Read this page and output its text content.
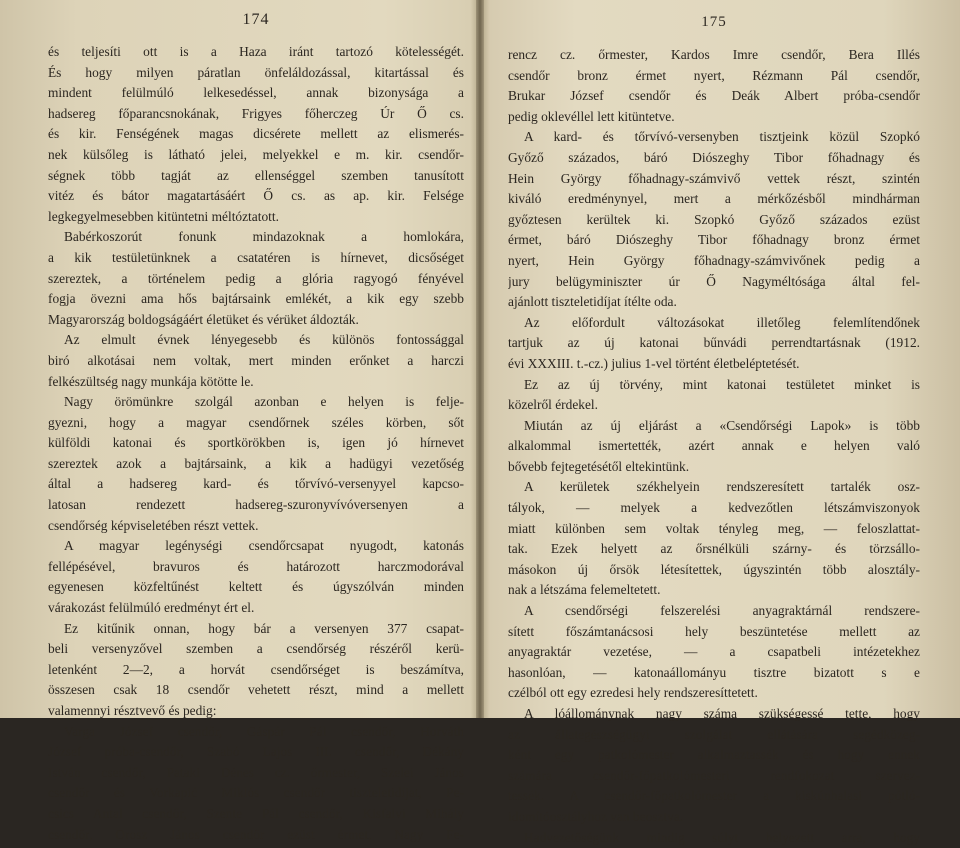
174
és teljesíti ott is a Haza iránt tartozó kötelességét.
És hogy milyen páratlan önfeláldozással, kitartással és
mindent felülmúló lelkesedéssel, annak bizonysága a
hadsereg főparancsnokának, Frigyes főherczeg Úr Ő cs.
és kir. Fenségének magas dicsérete mellett az elismerés-
nek külsőleg is látható jelei, melyekkel e m. kir. csendőr-
ségnek több tagját az ellenséggel szemben tanusított
vitéz és bátor magatartásáért Ő cs. as ap. kir. Felsége
legkegyelmesebben kitüntetni méltóztatott.
Babérkoszorút fonunk mindazoknak a homlokára,
a kik testületünknek a csatatéren is hírnevet, dicsőséget
szereztek, a történelem pedig a glória ragyogó fényével
fogja övezni ama hős bajtársaink emlékét, a kik egy szebb
Magyarország boldogságáért életüket és vérüket áldozták.
Az elmult évnek lényegesebb és különös fontossággal
biró alkotásai nem voltak, mert minden erőnket a harczi
felkészültség nagy munkája kötötte le.
Nagy örömünkre szolgál azonban e helyen is felje-
gyezni, hogy a magyar csendőrnek széles körben, sőt
külföldi katonai és sportkörökben is, igen jó hírnevet
szereztek azok a bajtársaink, a kik a hadügyi vezetőség
által a hadsereg kard- és tőrvívó-versenyyel kapcso-
latosan rendezett hadsereg-szuronyvívóversenyen a
csendőrség képviseletében részt vettek.
A magyar legénységi csendőrcsapat nyugodt, katonás
fellépésével, bravuros és határozott harczmodorával
egyenesen közfeltűnést keltett és úgyszólván minden
várakozást felülmúló eredményt ért el.
Ez kitűnik onnan, hogy bár a versenyen 377 csapat-
beli versenyzővel szemben a csendőrség részéről kerü-
letenként 2—2, a horvát csendőrséget is beszámítva,
összesen csak 18 csendőr vehetett részt, mind a mellett
valamennyi résztvevő és pedig:
Varga József csendőr, Gáspár Pál csendőr, Horváth
József próba-csendőr, Szabó Lajos III. csendőr, Dékány
István csendőr, Pataki Dénes cz. őrmester, Szelei János
csendőr és Vorkapić Miklós csendőr tiszteletidíjat, Pe-
csics Antal csendőr, Szente Pál csendőr, Kisfalvi Mihály
csendőr, Orosz János csendőr ezüst érmet, Nagy Fe-
175
rencz cz. őrmester, Kardos Imre csendőr, Bera Illés
csendőr bronz érmet nyert, Rézmann Pál csendőr,
Brukar József csendőr és Deák Albert próba-csendőr
pedig oklevéllel lett kitüntetve.
A kard- és tőrvívó-versenyben tisztjeink közül Szopkó
Győző százados, báró Diószeghy Tibor főhadnagy és
Hein György főhadnagy-számvivő vettek részt, szintén
kiváló eredménynyel, mert a mérkőzésből mindhárman
győztesen kerültek ki. Szopkó Győző százados ezüst
érmet, báró Diószeghy Tibor főhadnagy bronz érmet
nyert, Hein György főhadnagy-számvivőnek pedig a
jury belügyminiszter úr Ő Nagyméltósága által fel-
ajánlott tiszteletidíjat ítélte oda.
Az előfordult változásokat illetőleg felemlítendőnek
tartjuk az új katonai bűnvádi perrendtartásnak (1912.
évi XXXIII. t.-cz.) julius 1-vel történt életbeléptetését.
Ez az új törvény, mint katonai testületet minket is
közelről érdekel.
Miután az új eljárást a «Csendőrségi Lapok» is több
alkalommal ismertették, azért annak e helyen való
bővebb fejtegetésétől eltekintünk.
A kerületek székhelyein rendszeresített tartalék osz-
tályok, — melyek a kedvezőtlen létszámviszonyok
miatt különben sem voltak tényleg meg, — feloszlattat-
tak. Ezek helyett az őrsnélküli szárny- és törzsállo-
másokon új őrsök létesítettek, úgyszintén több alosztály-
nak a létszáma felemeltetett.
A csendőrségi felszerelési anyagraktárnál rendszere-
sített főszámtanácsosi hely beszüntetése mellett az
anyagraktár vezetése, — a csapatbeli intézetekhez
hasonlóan, — katonaállományu tisztre bizatott s e
czélból ott egy ezredesi hely rendszeresíttetett.
A lóállománynak nagy száma szükségessé tette, hogy
az állategészségügyi szolgálat ellátására segédközeg-
ként egy patkolómester alkalmaztassék és hogy ennek
számára csendőr-főpatkolómesteri rendfokozat szervez-
tessék. A csendőr-főpatkolómester a kiskúnhalasi pótló-
idomítóosztályhoz van beosztva.
Hadvezetőségünk mindig súlyt helyezett arra, hogy
